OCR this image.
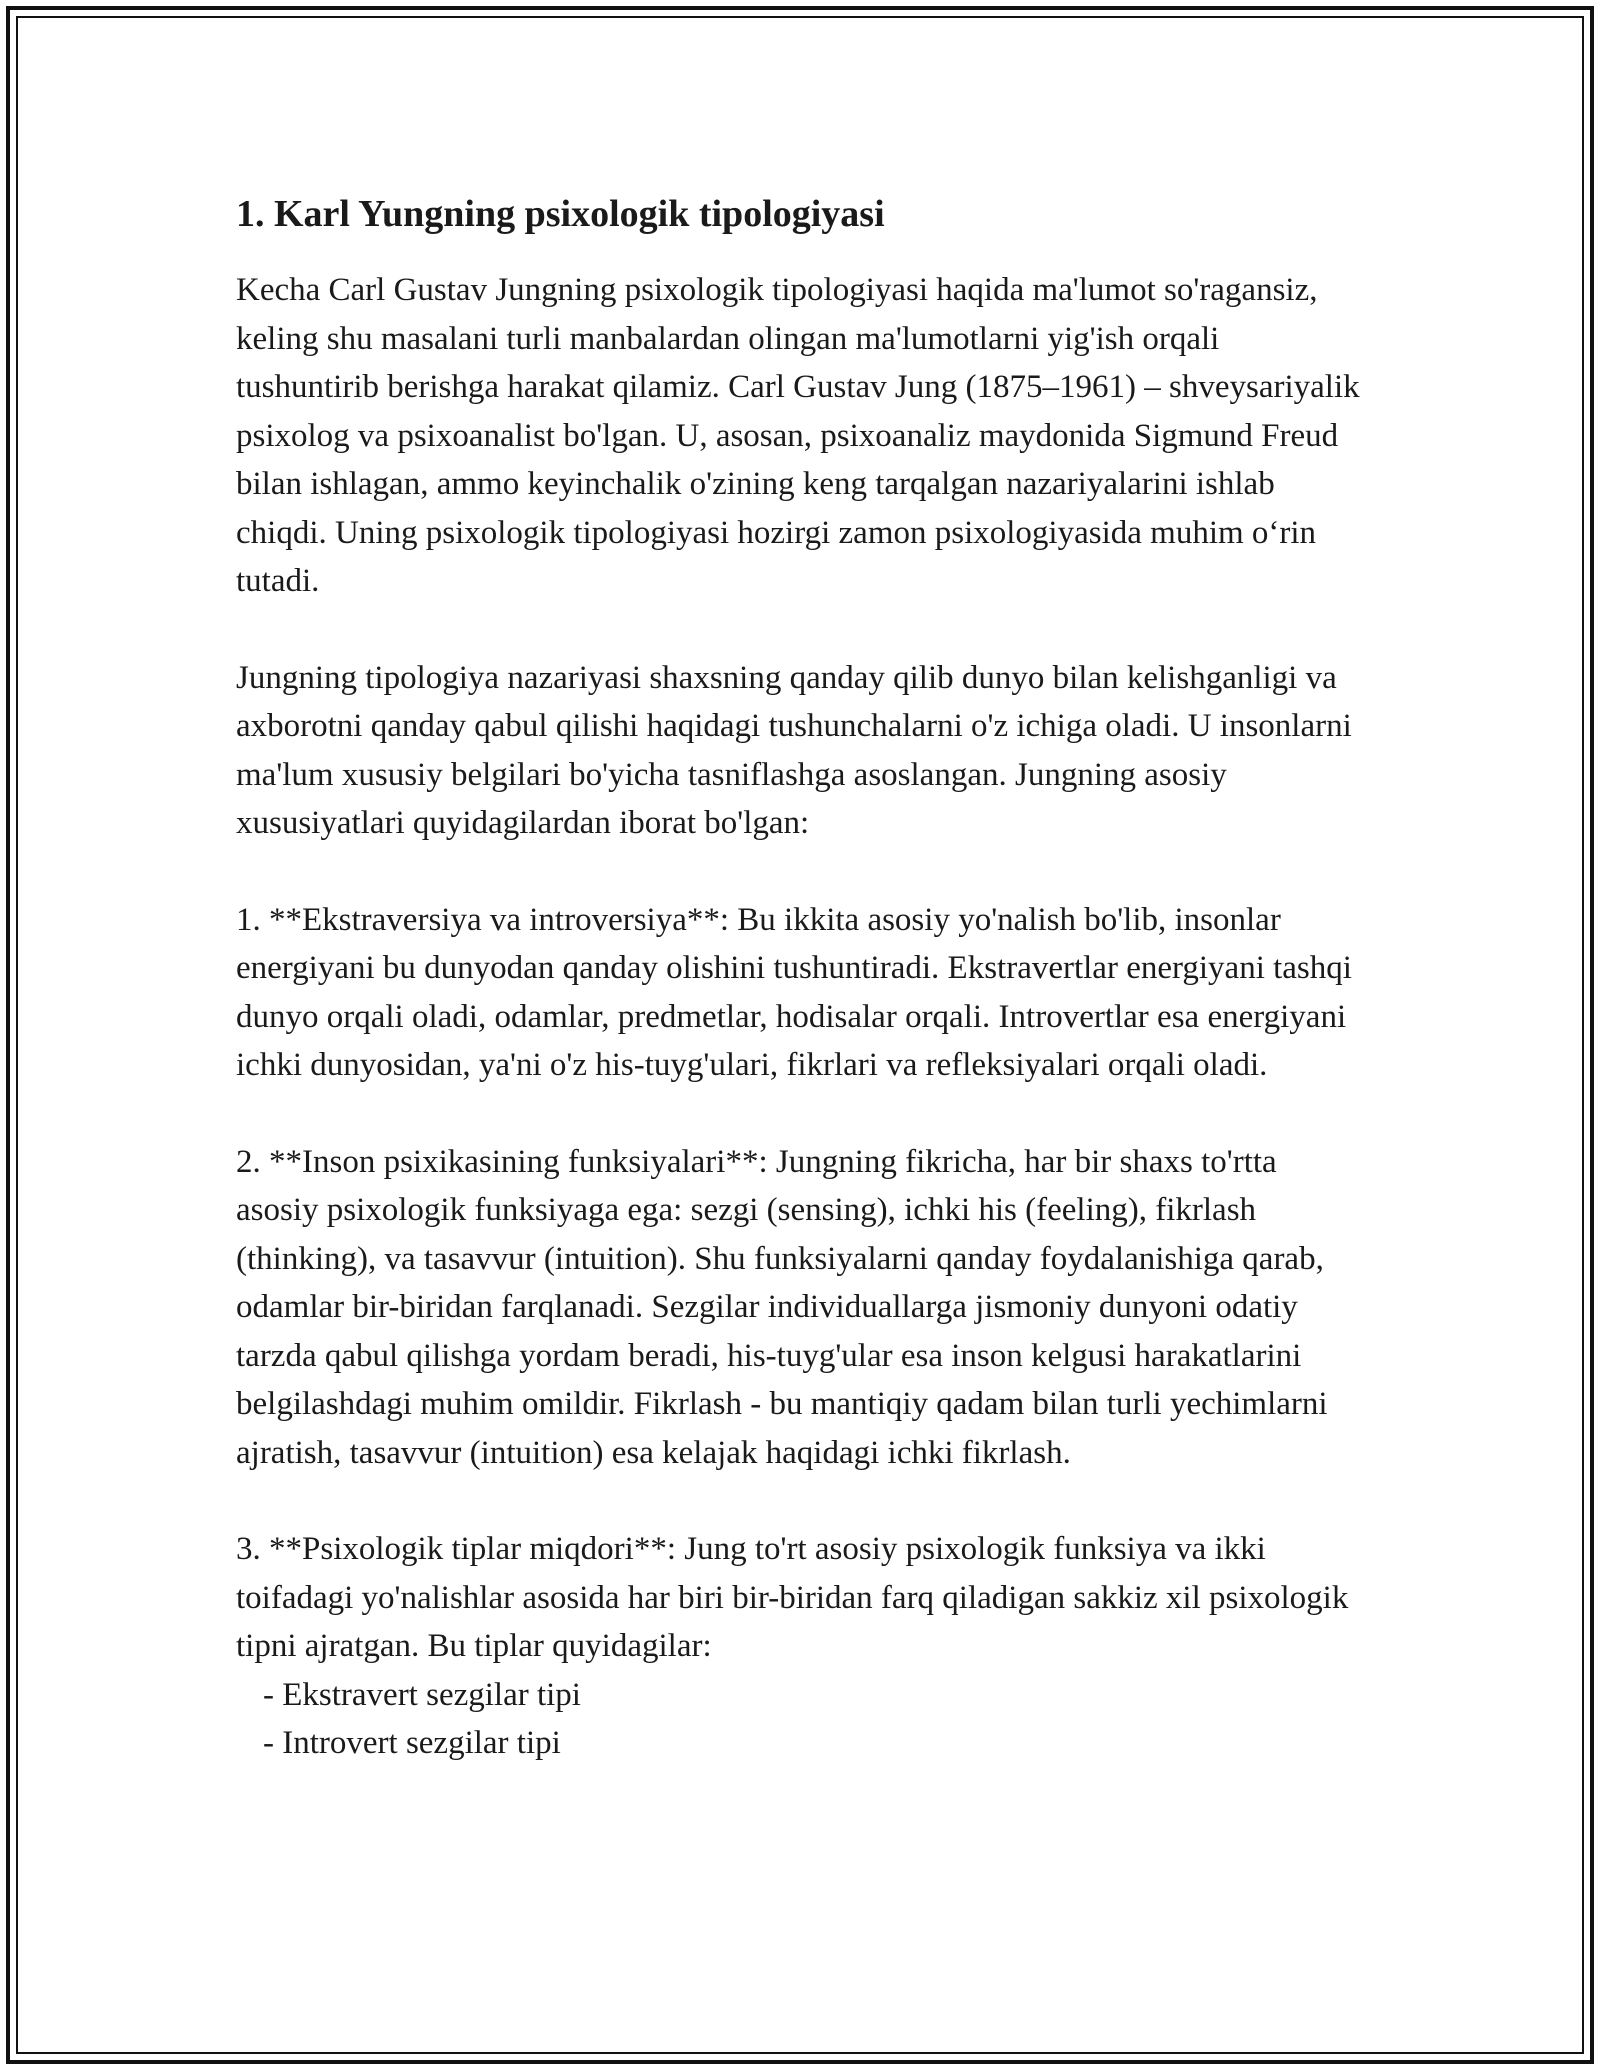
1. Karl Yungning psixologik tipologiyasi

Kecha Carl Gustav Jungning psixologik tipologiyasi haqida ma'lumot so'ragansiz, keling shu masalani turli manbalardan olingan ma'lumotlarni yig'ish orqali tushuntirib berishga harakat qilamiz. Carl Gustav Jung (1875–1961) – shveysariyalik psixolog va psixoanalist bo'lgan. U, asosan, psixoanaliz maydonida Sigmund Freud bilan ishlagan, ammo keyinchalik o'zining keng tarqalgan nazariyalarini ishlab chiqdi. Uning psixologik tipologiyasi hozirgi zamon psixologiyasida muhim o‘rin tutadi.

Jungning tipologiya nazariyasi shaxsning qanday qilib dunyo bilan kelishganligi va axborotni qanday qabul qilishi haqidagi tushunchalarni o'z ichiga oladi. U insonlarni ma'lum xususiy belgilari bo'yicha tasniflashga asoslangan. Jungning asosiy xususiyatlari quyidagilardan iborat bo'lgan:

1. **Ekstraversiya va introversiya**: Bu ikkita asosiy yo'nalish bo'lib, insonlar energiyani bu dunyodan qanday olishini tushuntiradi. Ekstravertlar energiyani tashqi dunyo orqali oladi, odamlar, predmetlar, hodisalar orqali. Introvertlar esa energiyani ichki dunyosidan, ya'ni o'z his-tuyg'ulari, fikrlari va refleksiyalari orqali oladi.

2. **Inson psixikasining funksiyalari**: Jungning fikricha, har bir shaxs to'rtta asosiy psixologik funksiyaga ega: sezgi (sensing), ichki his (feeling), fikrlash (thinking), va tasavvur (intuition). Shu funksiyalarni qanday foydalanishiga qarab, odamlar bir-biridan farqlanadi. Sezgilar individuallarga jismoniy dunyoni odatiy tarzda qabul qilishga yordam beradi, his-tuyg'ular esa inson kelgusi harakatlarini belgilashdagi muhim omildir. Fikrlash - bu mantiqiy qadam bilan turli yechimlarni ajratish, tasavvur (intuition) esa kelajak haqidagi ichki fikrlash.

3. **Psixologik tiplar miqdori**: Jung to'rt asosiy psixologik funksiya va ikki toifadagi yo'nalishlar asosida har biri bir-biridan farq qiladigan sakkiz xil psixologik tipni ajratgan. Bu tiplar quyidagilar:

- Ekstravert sezgilar tipi
- Introvert sezgilar tipi
